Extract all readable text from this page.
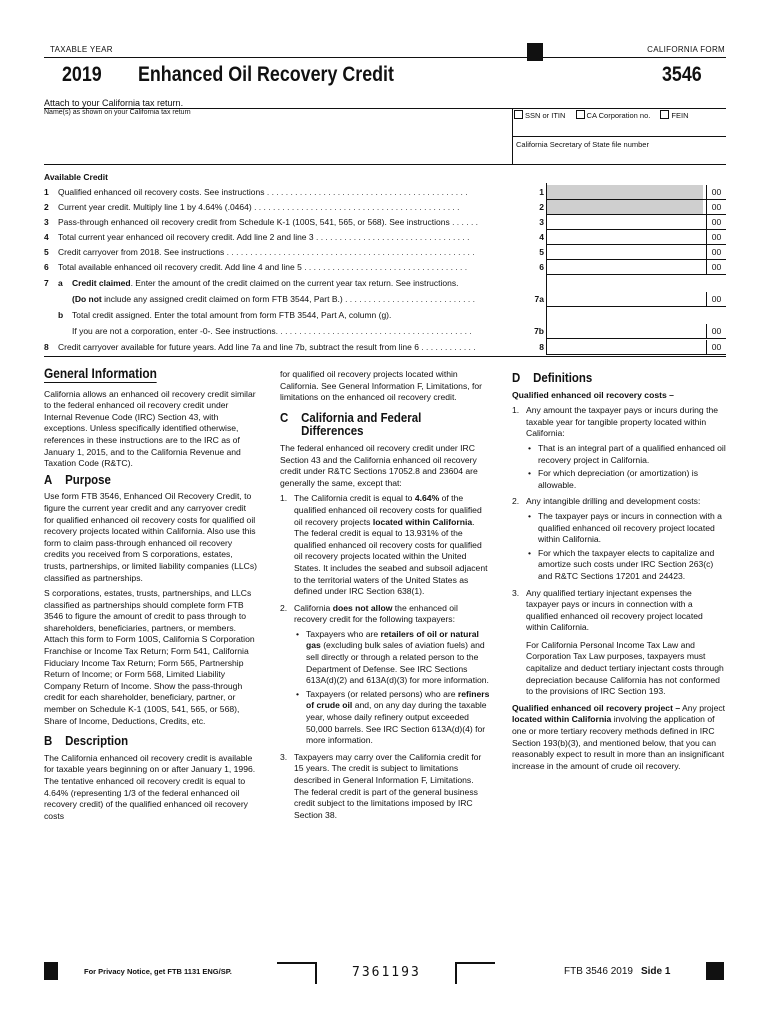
TAXABLE YEAR	CALIFORNIA FORM
2019 Enhanced Oil Recovery Credit	3546
Attach to your California tax return.
Name(s) as shown on your California tax return	SSN or ITIN	CA Corporation no.	FEIN
California Secretary of State file number
Available Credit
1 Qualified enhanced oil recovery costs. See instructions . . . . . . . . . . . . . . . . . . . . . . . . . . . . . . . . . . . . . . . . . . .	1	00
2 Current year credit. Multiply line 1 by 4.64% (.0464) . . . . . . . . . . . . . . . . . . . . . . . . . . . . . . . . . . . . . . . . . . . .	2	00
3 Pass-through enhanced oil recovery credit from Schedule K-1 (100S, 541, 565, or 568). See instructions . . . . . .	3	00
4 Total current year enhanced oil recovery credit. Add line 2 and line 3 . . . . . . . . . . . . . . . . . . . . . . . . . . . . . . . . .	4	00
5 Credit carryover from 2018. See instructions . . . . . . . . . . . . . . . . . . . . . . . . . . . . . . . . . . . . . . . . . . . . . . . . . . . . .	5	00
6 Total available enhanced oil recovery credit. Add line 4 and line 5 . . . . . . . . . . . . . . . . . . . . . . . . . . . . . . . . . . .	6	00
7 a Credit claimed. Enter the amount of the credit claimed on the current year tax return. See instructions.
(Do not include any assigned credit claimed on form FTB 3544, Part B.) . . . . . . . . . . . . . . . . . . . . . . . . . . . .	7a	00
b Total credit assigned. Enter the total amount from form FTB 3544, Part A, column (g).
If you are not a corporation, enter -0-. See instructions. . . . . . . . . . . . . . . . . . . . . . . . . . . . . . . . . . . . . . . . . .	7b	00
8 Credit carryover available for future years. Add line 7a and line 7b, subtract the result from line 6 . . . . . . . . . . . .	8	00
General Information

California allows an enhanced oil recovery credit similar to the federal enhanced oil recovery credit under Internal Revenue Code (IRC) Section 43, with exceptions. Unless specifically identified otherwise, references in these instructions are to the IRC as of January 1, 2015, and to the California Revenue and Taxation Code (R&TC).

A Purpose

Use form FTB 3546, Enhanced Oil Recovery Credit, to figure the current year credit and any carryover credit for qualified enhanced oil recovery costs for qualified oil recovery projects located within California. Also use this form to claim pass-through enhanced oil recovery credits you received from S corporations, estates, trusts, partnerships, or limited liability companies (LLCs) classified as partnerships.

S corporations, estates, trusts, partnerships, and LLCs classified as partnerships should complete form FTB 3546 to figure the amount of credit to pass through to shareholders, beneficiaries, partners, or members. Attach this form to Form 100S, California S Corporation Franchise or Income Tax Return; Form 541, California Fiduciary Income Tax Return; Form 565, Partnership Return of Income; or Form 568, Limited Liability Company Return of Income. Show the pass-through credit for each shareholder, beneficiary, partner, or member on Schedule K-1 (100S, 541, 565, or 568), Share of Income, Deductions, Credits, etc.

B Description

The California enhanced oil recovery credit is available for taxable years beginning on or after January 1, 1996. The tentative enhanced oil recovery credit is equal to 4.64% (representing 1/3 of the federal enhanced oil recovery credit) of the qualified enhanced oil recovery costs

for qualified oil recovery projects located within California. See General Information F, Limitations, for limitations on the enhanced oil recovery credit.

C California and Federal
Differences

The federal enhanced oil recovery credit under IRC Section 43 and the California enhanced oil recovery credit under R&TC Sections 17052.8 and 23604 are generally the same, except that:

1. The California credit is equal to 4.64% of the qualified enhanced oil recovery costs for qualified oil recovery projects located within California. The federal credit is equal to 13.931% of the qualified enhanced oil recovery costs for qualified oil recovery projects located within the United States. It includes the seabed and subsoil adjacent to the territorial waters of the United States as defined under IRC Section 638(1).
2. California does not allow the enhanced oil recovery credit for the following taxpayers:
• Taxpayers who are retailers of oil or natural gas (excluding bulk sales of aviation fuels) and sell directly or through a related person to the Department of Defense. See IRC Sections 613A(d)(2) and 613A(d)(3) for more information.
• Taxpayers (or related persons) who are refiners of crude oil and, on any day during the taxable year, whose daily refinery output exceeded 50,000 barrels. See IRC Section 613A(d)(4) for more information.
3. Taxpayers may carry over the California credit for 15 years. The credit is subject to limitations described in General Information F, Limitations. The federal credit is part of the general business credit subject to the limitations imposed by IRC Section 38.
D Definitions

Qualified enhanced oil recovery costs –

1. Any amount the taxpayer pays or incurs during the taxable year for tangible property located within California:
• That is an integral part of a qualified enhanced oil recovery project in California.
• For which depreciation (or amortization) is allowable.
2. Any intangible drilling and development costs:
• The taxpayer pays or incurs in connection with a qualified enhanced oil recovery project located within California.
• For which the taxpayer elects to capitalize and amortize such costs under IRC Section 263(c) and R&TC Sections 17201 and 24423.
3. Any qualified tertiary injectant expenses the taxpayer pays or incurs in connection with a qualified enhanced oil recovery project located within California.

For California Personal Income Tax Law and Corporation Tax Law purposes, taxpayers must capitalize and deduct tertiary injectant costs through depreciation because California has not conformed to the provisions of IRC Section 193.

Qualified enhanced oil recovery project – Any project located within California involving the application of one or more tertiary recovery methods defined in IRC Section 193(b)(3), and mentioned below, that you can reasonably expect to result in more than an insignificant increase in the amount of crude oil recovery.

For Privacy Notice, get FTB 1131 ENG/SP.	7361193	FTB 3546 2019 Side 1
